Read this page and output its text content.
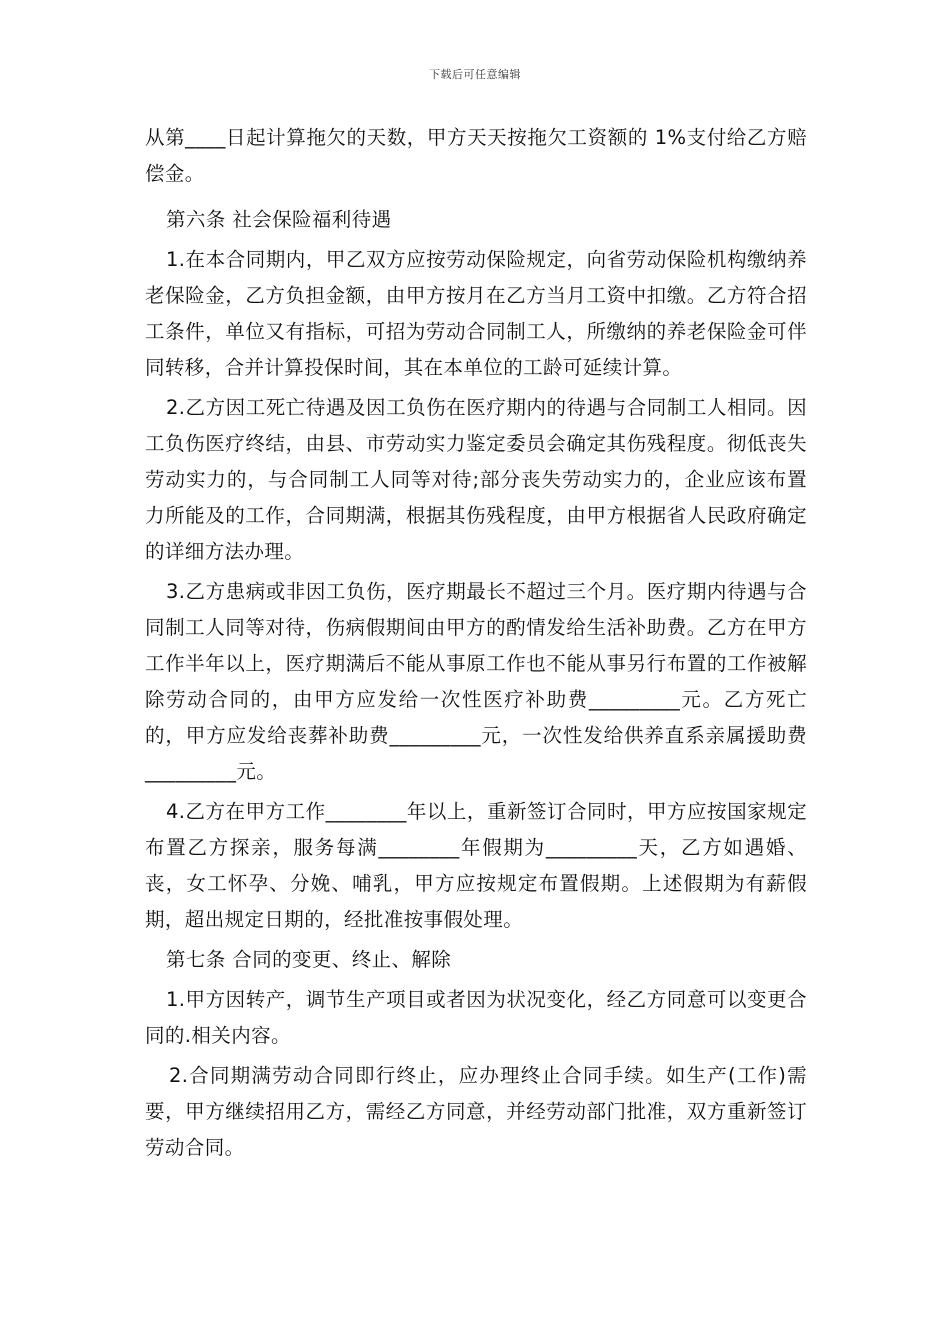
下载后可任意编辑

从第____日起计算拖欠的天数，甲方天天按拖欠工资额的 1%支付给乙方赔偿金。

第六条 社会保险福利待遇

1.在本合同期内，甲乙双方应按劳动保险规定，向省劳动保险机构缴纳养老保险金，乙方负担金额，由甲方按月在乙方当月工资中扣缴。乙方符合招工条件，单位又有指标，可招为劳动合同制工人，所缴纳的养老保险金可伴同转移，合并计算投保时间，其在本单位的工龄可延续计算。

2.乙方因工死亡待遇及因工负伤在医疗期内的待遇与合同制工人相同。因工负伤医疗终结，由县、市劳动实力鉴定委员会确定其伤残程度。彻低丧失劳动实力的，与合同制工人同等对待;部分丧失劳动实力的，企业应该布置力所能及的工作，合同期满，根据其伤残程度，由甲方根据省人民政府确定的详细方法办理。

3.乙方患病或非因工负伤，医疗期最长不超过三个月。医疗期内待遇与合同制工人同等对待，伤病假期间由甲方的酌情发给生活补助费。乙方在甲方工作半年以上，医疗期满后不能从事原工作也不能从事另行布置的工作被解除劳动合同的，由甲方应发给一次性医疗补助费_________元。乙方死亡的，甲方应发给丧葬补助费_________元，一次性发给供养直系亲属援助费_________元。

4.乙方在甲方工作________年以上，重新签订合同时，甲方应按国家规定布置乙方探亲，服务每满________年假期为_________天，乙方如遇婚、丧，女工怀孕、分娩、哺乳，甲方应按规定布置假期。上述假期为有薪假期，超出规定日期的，经批准按事假处理。

第七条 合同的变更、终止、解除

1.甲方因转产，调节生产项目或者因为状况变化，经乙方同意可以变更合同的.相关内容。

2.合同期满劳动合同即行终止，应办理终止合同手续。如生产(工作)需要，甲方继续招用乙方，需经乙方同意，并经劳动部门批准，双方重新签订劳动合同。
